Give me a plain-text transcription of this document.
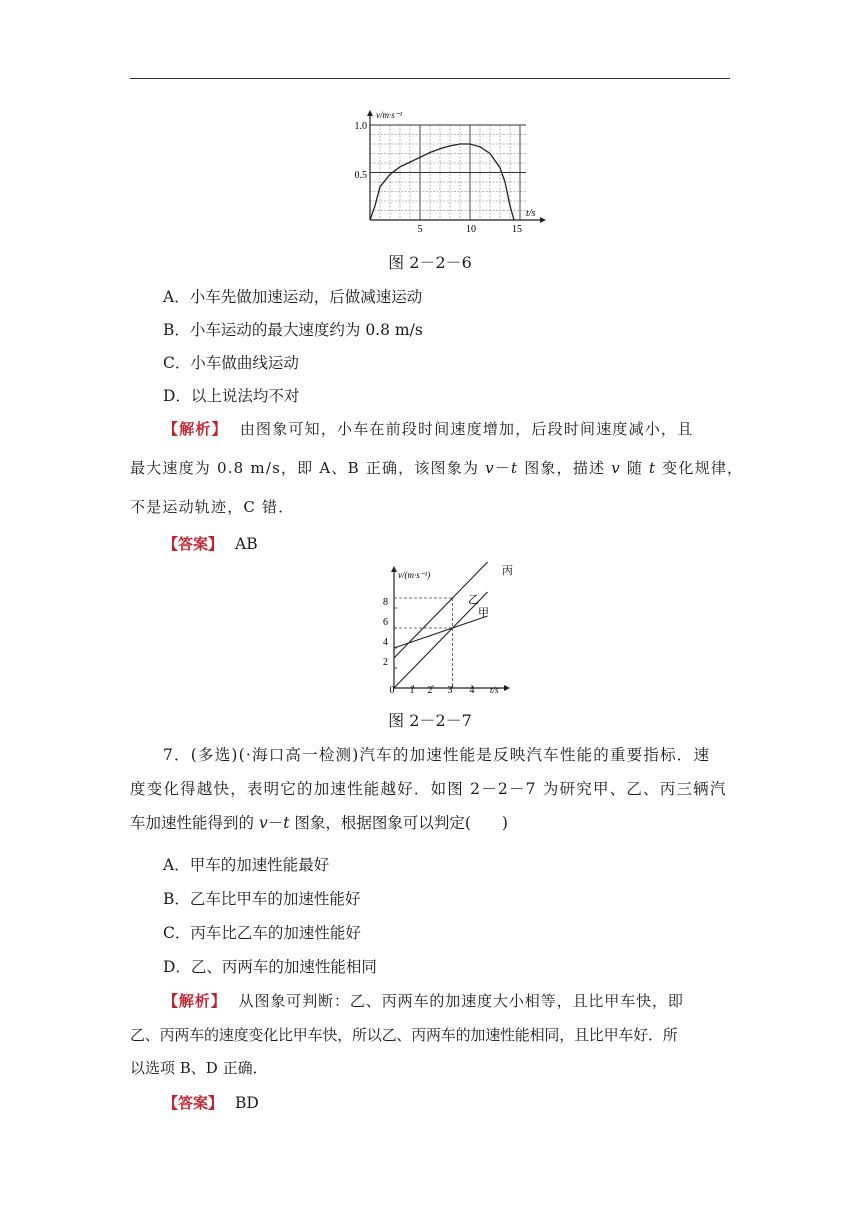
v/m·s⁻¹
t/s
1.0
0.5
5	10	15
图 2－2－6
A．小车先做加速运动，后做减速运动
B．小车运动的最大速度约为 0.8 m/s
C．小车做曲线运动
D．以上说法均不对
【解析】 由图象可知，小车在前段时间速度增加，后段时间速度减小，且
最大速度为 0.8 m/s，即 A、B 正确，该图象为 v－t 图象，描述 v 随 t 变化规律，
不是运动轨迹，C 错．
【答案】 AB
v/(m·s⁻¹)
t/s
8
6
4
2
0 1 2 3 4
丙
乙
甲
图 2－2－7
7．(多选)(·海口高一检测)汽车的加速性能是反映汽车性能的重要指标．速
度变化得越快，表明它的加速性能越好．如图 2－2－7 为研究甲、乙、丙三辆汽
车加速性能得到的 v－t 图象，根据图象可以判定(　　)
A．甲车的加速性能最好
B．乙车比甲车的加速性能好
C．丙车比乙车的加速性能好
D．乙、丙两车的加速性能相同
【解析】 从图象可判断：乙、丙两车的加速度大小相等，且比甲车快，即
乙、丙两车的速度变化比甲车快，所以乙、丙两车的加速性能相同，且比甲车好．所
以选项 B、D 正确．
【答案】 BD
